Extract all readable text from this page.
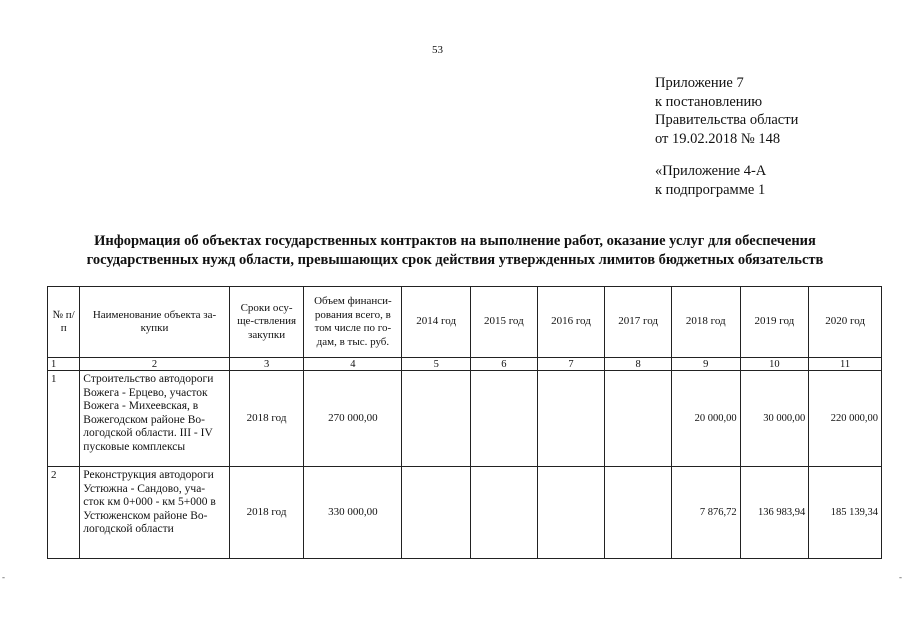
53
Приложение 7
к постановлению
Правительства области
от 19.02.2018 № 148
«Приложение 4-А
к подпрограмме 1
Информация об объектах государственных контрактов на выполнение работ, оказание услуг для обеспечения
государственных нужд области, превышающих срок действия утвержденных лимитов бюджетных обязательств
№ п/п	Наименование объекта за-купки	Сроки осу-ще-ствления закупки	Объем финанси-рования всего, в том числе по го-дам, в тыс. руб.	2014 год	2015 год	2016 год	2017 год	2018 год	2019 год	2020 год
1	2	3	4	5	6	7	8	9	10	11
1	Строительство автодороги Вожега - Ерцево, участок Вожега - Михеевская, в Вожегодском районе Во-логодской области. III - IV пусковые комплексы	2018 год	270 000,00					20 000,00	30 000,00	220 000,00
2	Реконструкция автодороги Устюжна - Сандово, уча-сток км 0+000 - км 5+000 в Устюженском районе Во-логодской области	2018 год	330 000,00					7 876,72	136 983,94	185 139,34
-	-
